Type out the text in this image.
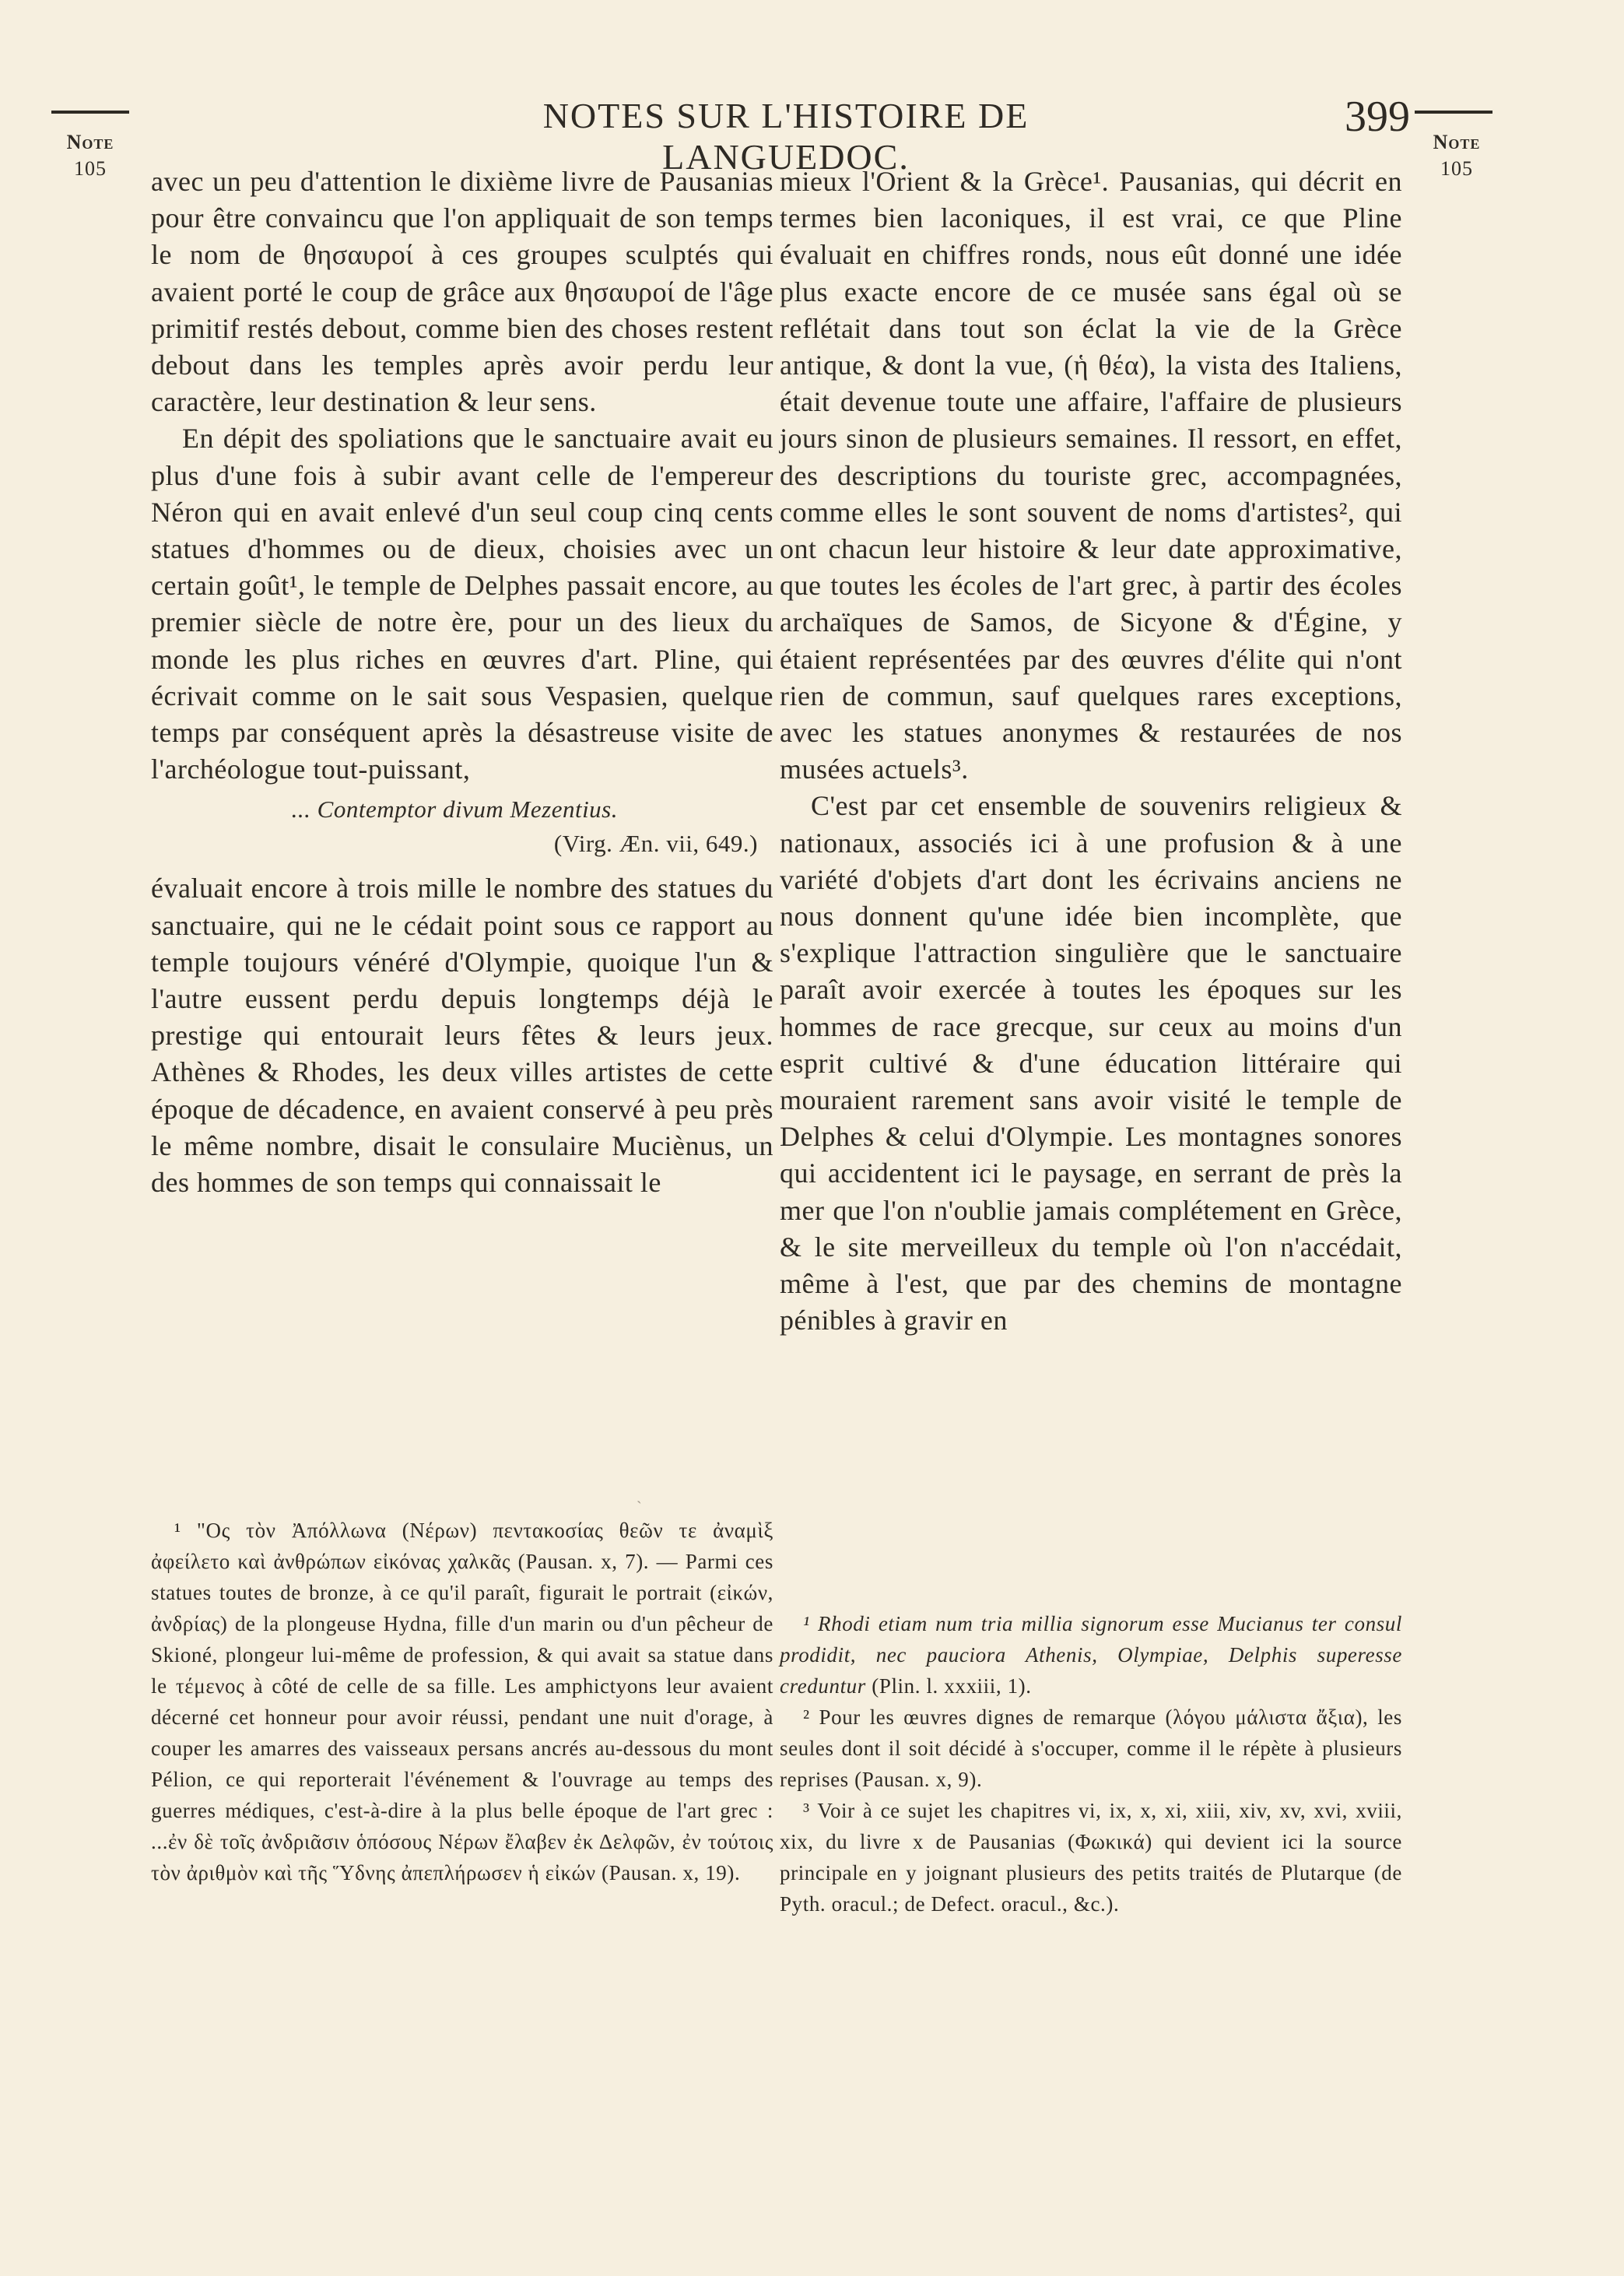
Note
105
Note
105
NOTES SUR L'HISTOIRE DE LANGUEDOC.
399

avec un peu d'attention le dixième livre de Pausanias pour être convaincu que l'on appliquait de son temps le nom de θησαυροί à ces groupes sculptés qui avaient porté le coup de grâce aux θησαυροί de l'âge primitif restés debout, comme bien des choses restent debout dans les temples après avoir perdu leur caractère, leur destination & leur sens.

En dépit des spoliations que le sanctuaire avait eu plus d'une fois à subir avant celle de l'empereur Néron qui en avait enlevé d'un seul coup cinq cents statues d'hommes ou de dieux, choisies avec un certain goût¹, le temple de Delphes passait encore, au premier siècle de notre ère, pour un des lieux du monde les plus riches en œuvres d'art. Pline, qui écrivait comme on le sait sous Vespasien, quelque temps par conséquent après la désastreuse visite de l'archéologue tout-puissant,

... Contemptor divum Mezentius.

(Virg. Æn. vii, 649.)

évaluait encore à trois mille le nombre des statues du sanctuaire, qui ne le cédait point sous ce rapport au temple toujours vénéré d'Olympie, quoique l'un & l'autre eussent perdu depuis longtemps déjà le prestige qui entourait leurs fêtes & leurs jeux. Athènes & Rhodes, les deux villes artistes de cette époque de décadence, en avaient conservé à peu près le même nombre, disait le consulaire Muciènus, un des hommes de son temps qui connaissait le

ˏ

¹ "Ος τὸν Ἀπόλλωνα (Νέρων) πεντακοσίας θεῶν τε ἀναμὶξ ἀφείλετο καὶ ἀνθρώπων εἰκόνας χαλκᾶς (Pausan. x, 7). — Parmi ces statues toutes de bronze, à ce qu'il paraît, figurait le portrait (εἰκών, ἀνδρίας) de la plongeuse Hydna, fille d'un marin ou d'un pêcheur de Skioné, plongeur lui-même de profession, & qui avait sa statue dans le τέμενος à côté de celle de sa fille. Les amphictyons leur avaient décerné cet honneur pour avoir réussi, pendant une nuit d'orage, à couper les amarres des vaisseaux persans ancrés au-dessous du mont Pélion, ce qui reporterait l'événement & l'ouvrage au temps des guerres médiques, c'est-à-dire à la plus belle époque de l'art grec : ...ἐν δὲ τοῖς ἀνδριᾶσιν ὁπόσους Νέρων ἔλαβεν ἐκ Δελφῶν, ἐν τούτοις τὸν ἀριθμὸν καὶ τῆς Ὕδνης ἀπεπλήρωσεν ἡ εἰκών (Pausan. x, 19).

mieux l'Orient & la Grèce¹. Pausanias, qui décrit en termes bien laconiques, il est vrai, ce que Pline évaluait en chiffres ronds, nous eût donné une idée plus exacte encore de ce musée sans égal où se reflétait dans tout son éclat la vie de la Grèce antique, & dont la vue, (ἡ θέα), la vista des Italiens, était devenue toute une affaire, l'affaire de plusieurs jours sinon de plusieurs semaines. Il ressort, en effet, des descriptions du touriste grec, accompagnées, comme elles le sont souvent de noms d'artistes², qui ont chacun leur histoire & leur date approximative, que toutes les écoles de l'art grec, à partir des écoles archaïques de Samos, de Sicyone & d'Égine, y étaient représentées par des œuvres d'élite qui n'ont rien de commun, sauf quelques rares exceptions, avec les statues anonymes & restaurées de nos musées actuels³.

C'est par cet ensemble de souvenirs religieux & nationaux, associés ici à une profusion & à une variété d'objets d'art dont les écrivains anciens ne nous donnent qu'une idée bien incomplète, que s'explique l'attraction singulière que le sanctuaire paraît avoir exercée à toutes les époques sur les hommes de race grecque, sur ceux au moins d'un esprit cultivé & d'une éducation littéraire qui mouraient rarement sans avoir visité le temple de Delphes & celui d'Olympie. Les montagnes sonores qui accidentent ici le paysage, en serrant de près la mer que l'on n'oublie jamais complétement en Grèce, & le site merveilleux du temple où l'on n'accédait, même à l'est, que par des chemins de montagne pénibles à gravir en

¹ Rhodi etiam num tria millia signorum esse Mucianus ter consul prodidit, nec pauciora Athenis, Olympiae, Delphis superesse creduntur (Plin. l. xxxiii, 1).

² Pour les œuvres dignes de remarque (λόγου μάλιστα ἄξια), les seules dont il soit décidé à s'occuper, comme il le répète à plusieurs reprises (Pausan. x, 9).

³ Voir à ce sujet les chapitres vi, ix, x, xi, xiii, xiv, xv, xvi, xviii, xix, du livre x de Pausanias (Φωκικά) qui devient ici la source principale en y joignant plusieurs des petits traités de Plutarque (de Pyth. oracul.; de Defect. oracul., &c.).
